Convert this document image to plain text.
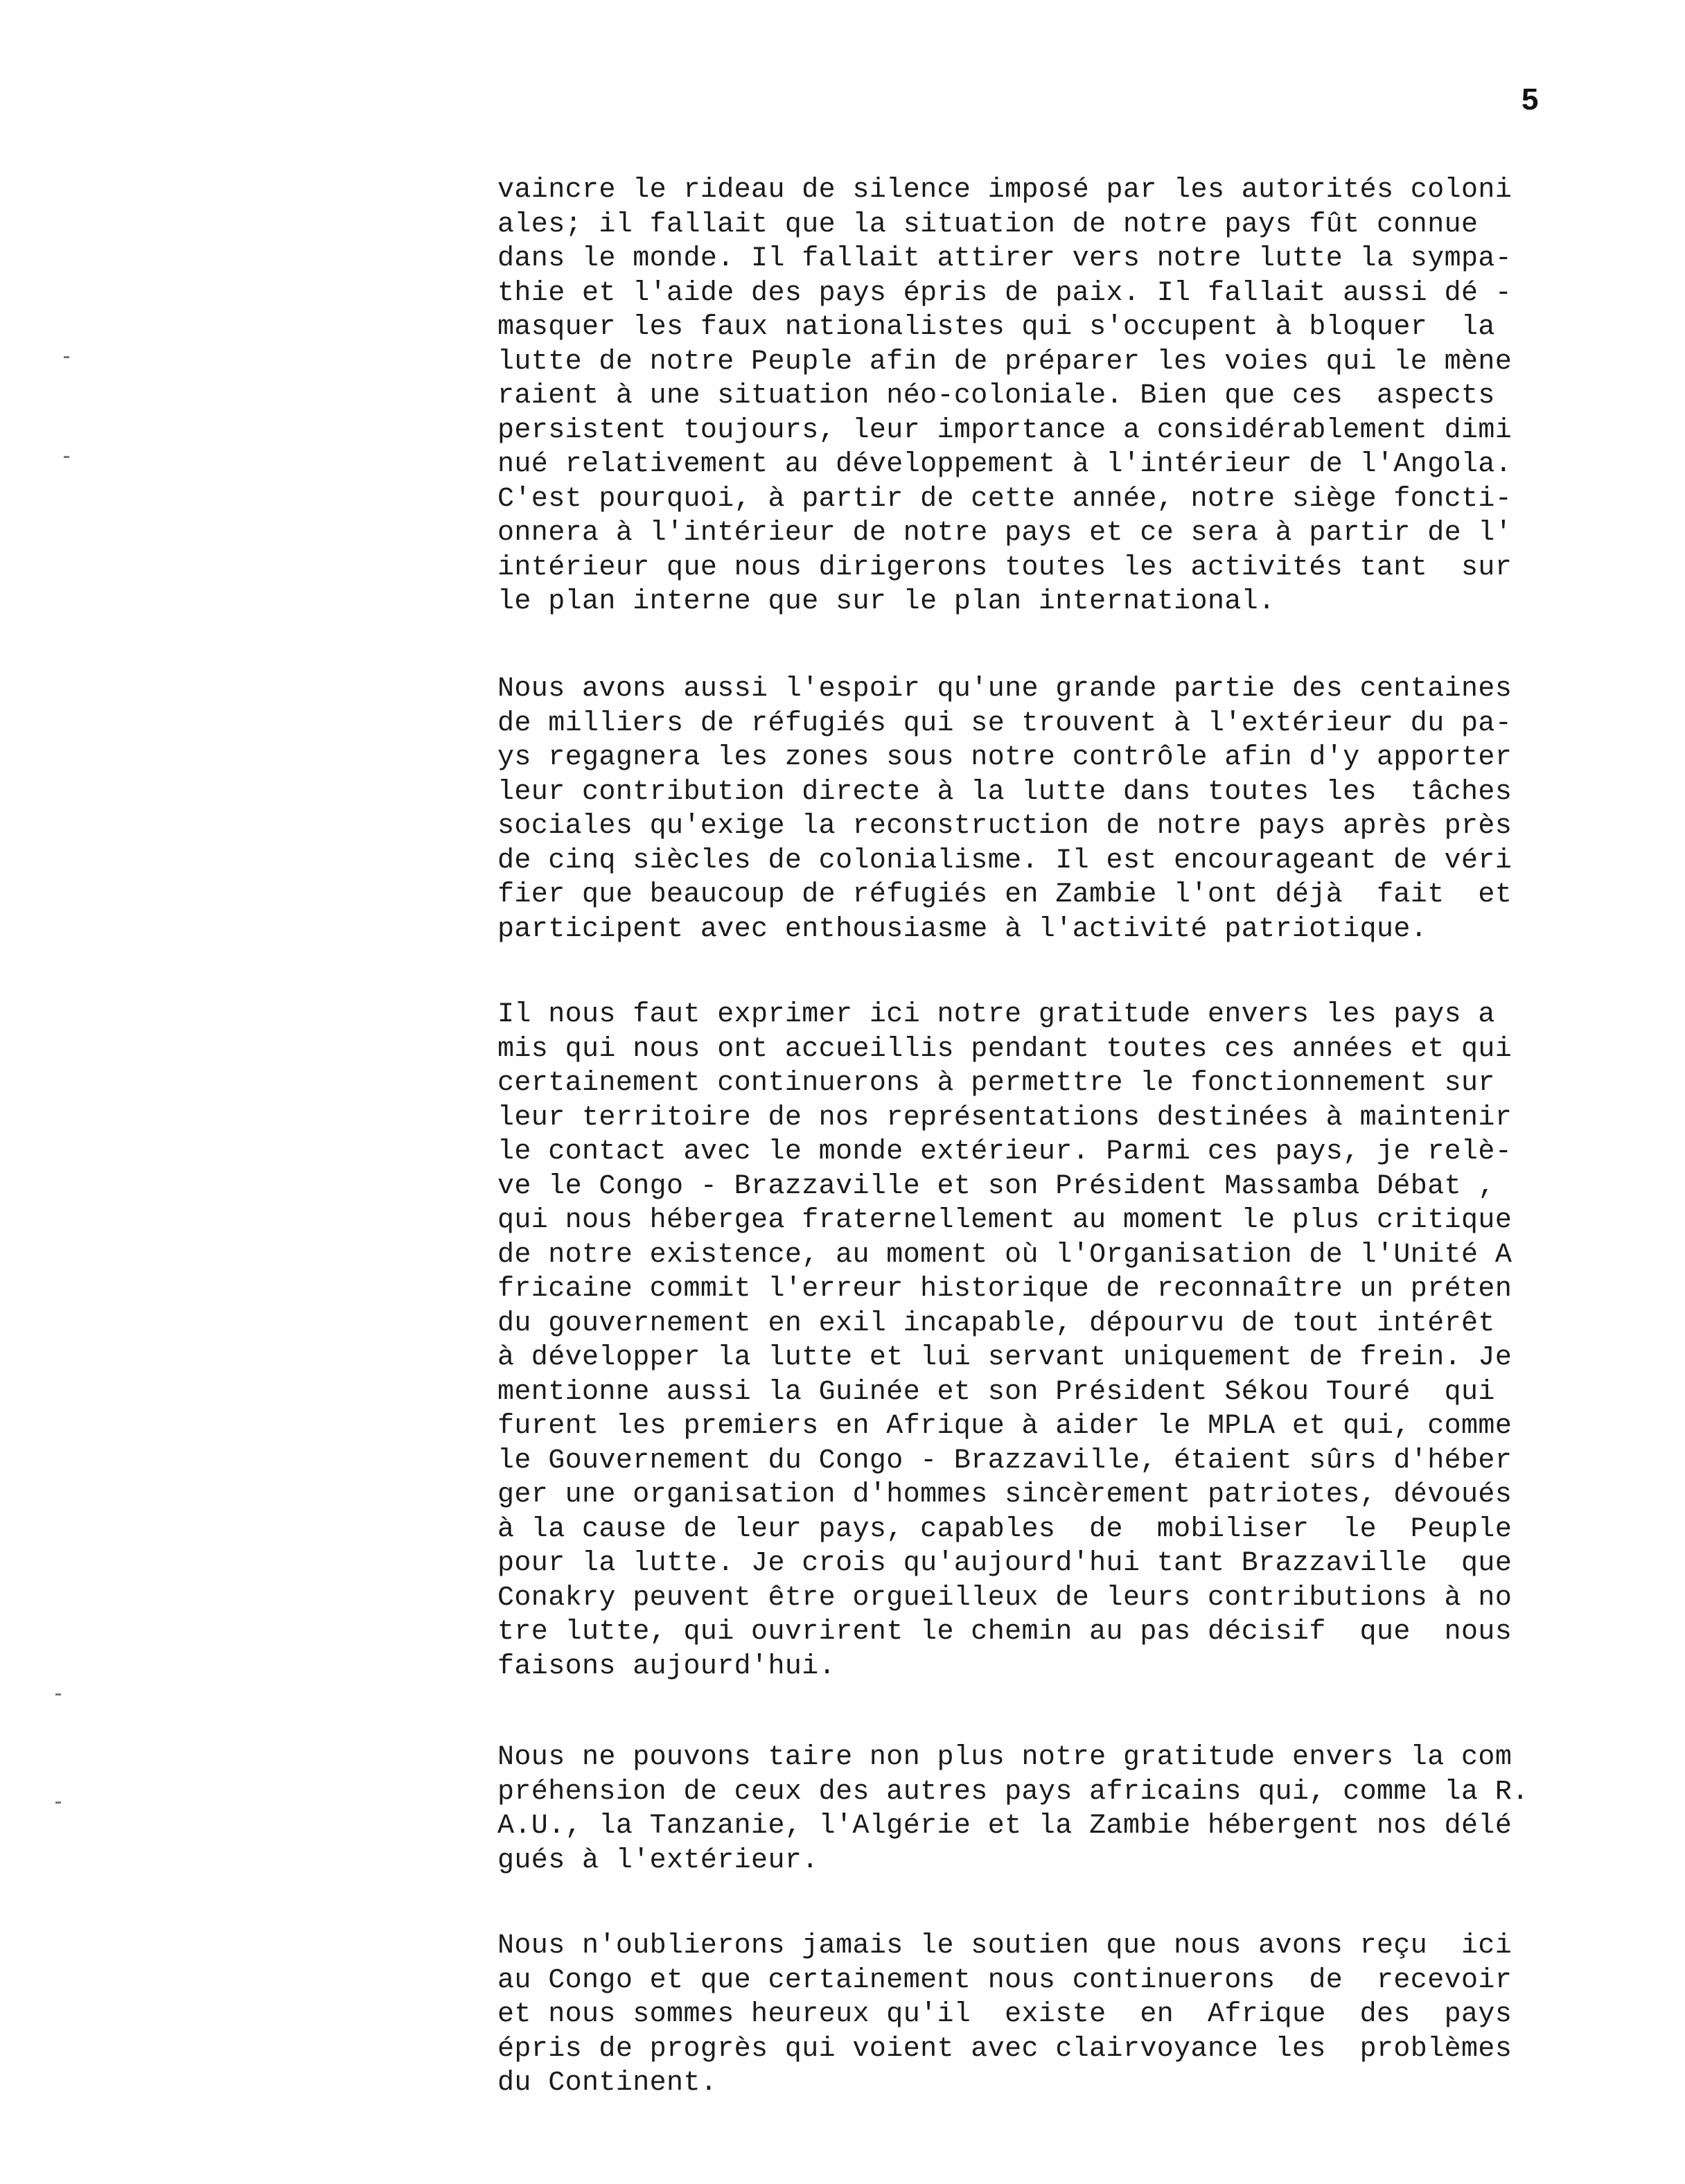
5
vaincre le rideau de silence imposé par les autorités coloni
ales; il fallait que la situation de notre pays fût connue
dans le monde. Il fallait attirer vers notre lutte la sympa-
thie et l'aide des pays épris de paix. Il fallait aussi dé -
masquer les faux nationalistes qui s'occupent à bloquer  la
lutte de notre Peuple afin de préparer les voies qui le mène
raient à une situation néo-coloniale. Bien que ces  aspects
persistent toujours, leur importance a considérablement dimi
nué relativement au développement à l'intérieur de l'Angola.
C'est pourquoi, à partir de cette année, notre siège foncti-
onnera à l'intérieur de notre pays et ce sera à partir de l'
intérieur que nous dirigerons toutes les activités tant  sur
le plan interne que sur le plan international.
Nous avons aussi l'espoir qu'une grande partie des centaines
de milliers de réfugiés qui se trouvent à l'extérieur du pa-
ys regagnera les zones sous notre contrôle afin d'y apporter
leur contribution directe à la lutte dans toutes les  tâches
sociales qu'exige la reconstruction de notre pays après près
de cinq siècles de colonialisme. Il est encourageant de véri
fier que beaucoup de réfugiés en Zambie l'ont déjà  fait  et
participent avec enthousiasme à l'activité patriotique.
Il nous faut exprimer ici notre gratitude envers les pays a
mis qui nous ont accueillis pendant toutes ces années et qui
certainement continuerons à permettre le fonctionnement sur
leur territoire de nos représentations destinées à maintenir
le contact avec le monde extérieur. Parmi ces pays, je relè-
ve le Congo - Brazzaville et son Président Massamba Débat ,
qui nous hébergea fraternellement au moment le plus critique
de notre existence, au moment où l'Organisation de l'Unité A
fricaine commit l'erreur historique de reconnaître un préten
du gouvernement en exil incapable, dépourvu de tout intérêt
à développer la lutte et lui servant uniquement de frein. Je
mentionne aussi la Guinée et son Président Sékou Touré  qui
furent les premiers en Afrique à aider le MPLA et qui, comme
le Gouvernement du Congo - Brazzaville, étaient sûrs d'héber
ger une organisation d'hommes sincèrement patriotes, dévoués
à la cause de leur pays, capables  de  mobiliser  le  Peuple
pour la lutte. Je crois qu'aujourd'hui tant Brazzaville  que
Conakry peuvent être orgueilleux de leurs contributions à no
tre lutte, qui ouvrirent le chemin au pas décisif  que  nous
faisons aujourd'hui.
Nous ne pouvons taire non plus notre gratitude envers la com
préhension de ceux des autres pays africains qui, comme la R.
A.U., la Tanzanie, l'Algérie et la Zambie hébergent nos délé
gués à l'extérieur.
Nous n'oublierons jamais le soutien que nous avons reçu  ici
au Congo et que certainement nous continuerons  de  recevoir
et nous sommes heureux qu'il  existe  en  Afrique  des  pays
épris de progrès qui voient avec clairvoyance les  problèmes
du Continent.
